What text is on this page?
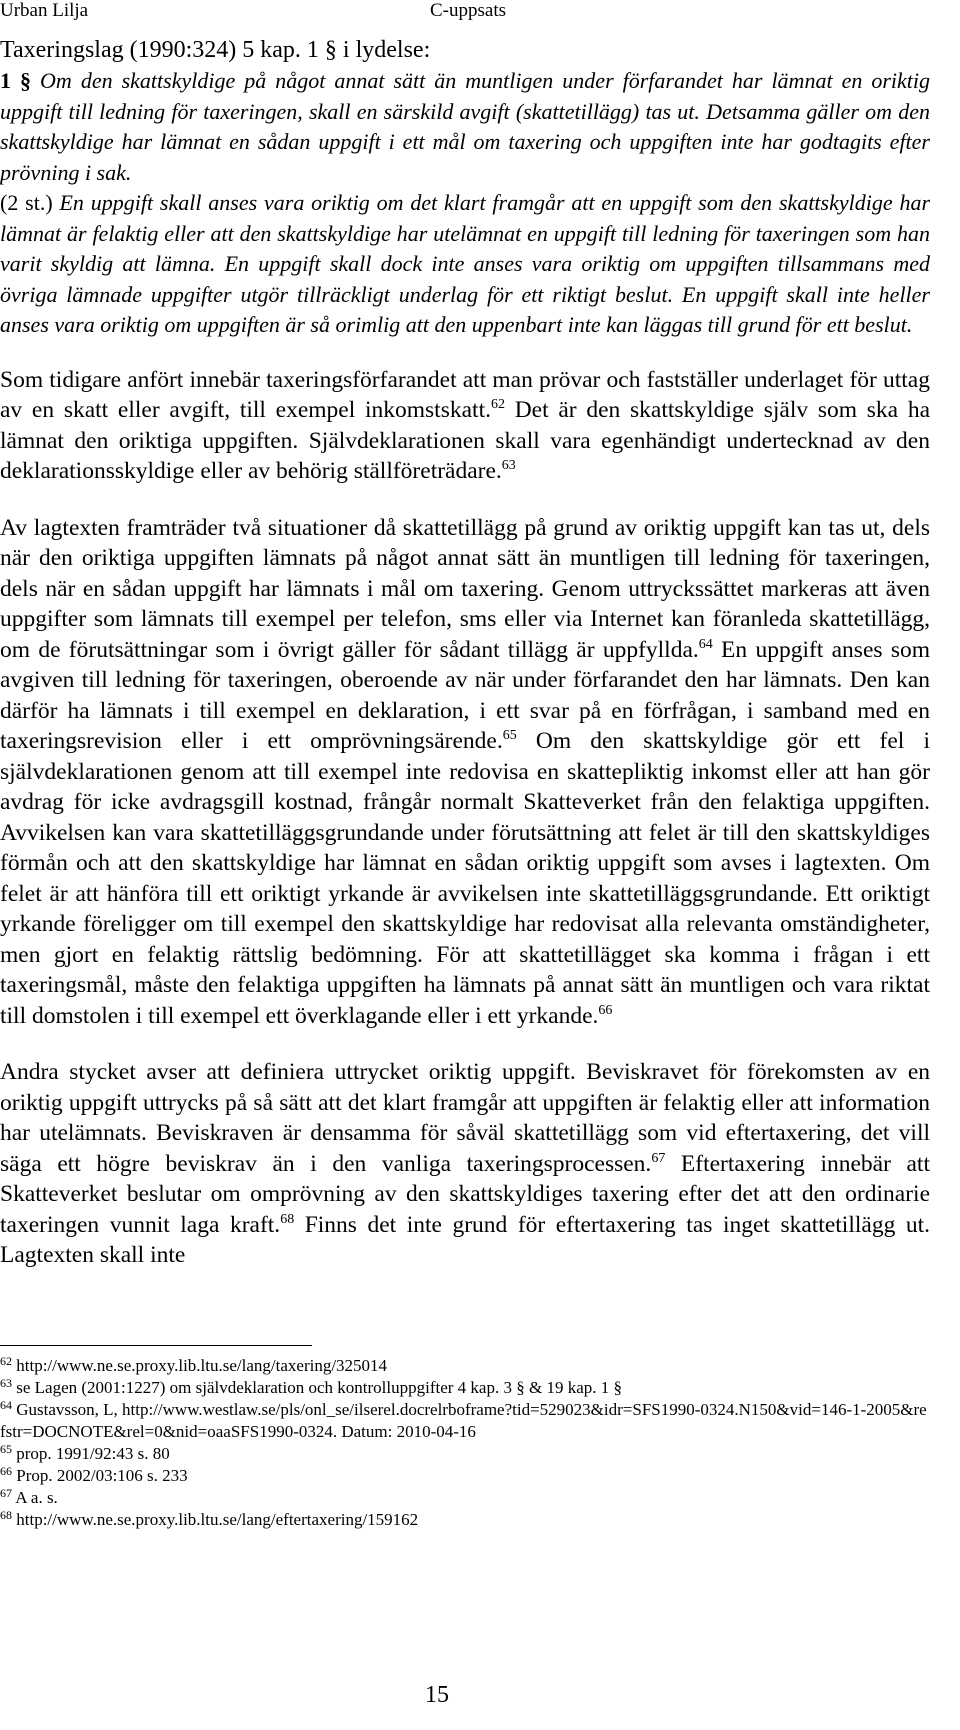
Urban Lilja	C-uppsats

Taxeringslag (1990:324) 5 kap. 1 § i lydelse:

1 § Om den skattskyldige på något annat sätt än muntligen under förfarandet har lämnat en oriktig uppgift till ledning för taxeringen, skall en särskild avgift (skattetillägg) tas ut. Detsamma gäller om den skattskyldige har lämnat en sådan uppgift i ett mål om taxering och uppgiften inte har godtagits efter prövning i sak.

(2 st.) En uppgift skall anses vara oriktig om det klart framgår att en uppgift som den skattskyldige har lämnat är felaktig eller att den skattskyldige har utelämnat en uppgift till ledning för taxeringen som han varit skyldig att lämna. En uppgift skall dock inte anses vara oriktig om uppgiften tillsammans med övriga lämnade uppgifter utgör tillräckligt underlag för ett riktigt beslut. En uppgift skall inte heller anses vara oriktig om uppgiften är så orimlig att den uppenbart inte kan läggas till grund för ett beslut.

Som tidigare anfört innebär taxeringsförfarandet att man prövar och fastställer underlaget för uttag av en skatt eller avgift, till exempel inkomstskatt.$^{62}$ Det är den skattskyldige själv som ska ha lämnat den oriktiga uppgiften. Självdeklarationen skall vara egenhändigt undertecknad av den deklarationsskyldige eller av behörig ställföreträdare.$^{63}$

Av lagtexten framträder två situationer då skattetillägg på grund av oriktig uppgift kan tas ut, dels när den oriktiga uppgiften lämnats på något annat sätt än muntligen till ledning för taxeringen, dels när en sådan uppgift har lämnats i mål om taxering. Genom uttryckssättet markeras att även uppgifter som lämnats till exempel per telefon, sms eller via Internet kan föranleda skattetillägg, om de förutsättningar som i övrigt gäller för sådant tillägg är uppfyllda.$^{64}$ En uppgift anses som avgiven till ledning för taxeringen, oberoende av när under förfarandet den har lämnats. Den kan därför ha lämnats i till exempel en deklaration, i ett svar på en förfrågan, i samband med en taxeringsrevision eller i ett omprövningsärende.$^{65}$ Om den skattskyldige gör ett fel i självdeklarationen genom att till exempel inte redovisa en skattepliktig inkomst eller att han gör avdrag för icke avdragsgill kostnad, frångår normalt Skatteverket från den felaktiga uppgiften. Avvikelsen kan vara skattetilläggsgrundande under förutsättning att felet är till den skattskyldiges förmån och att den skattskyldige har lämnat en sådan oriktig uppgift som avses i lagtexten. Om felet är att hänföra till ett oriktigt yrkande är avvikelsen inte skattetilläggsgrundande. Ett oriktigt yrkande föreligger om till exempel den skattskyldige har redovisat alla relevanta omständigheter, men gjort en felaktig rättslig bedömning. För att skattetillägget ska komma i frågan i ett taxeringsmål, måste den felaktiga uppgiften ha lämnats på annat sätt än muntligen och vara riktat till domstolen i till exempel ett överklagande eller i ett yrkande.$^{66}$

Andra stycket avser att definiera uttrycket oriktig uppgift. Beviskravet för förekomsten av en oriktig uppgift uttrycks på så sätt att det klart framgår att uppgiften är felaktig eller att information har utelämnats. Beviskraven är densamma för såväl skattetillägg som vid eftertaxering, det vill säga ett högre beviskrav än i den vanliga taxeringsprocessen.$^{67}$ Eftertaxering innebär att Skatteverket beslutar om omprövning av den skattskyldiges taxering efter det att den ordinarie taxeringen vunnit laga kraft.$^{68}$ Finns det inte grund för eftertaxering tas inget skattetillägg ut. Lagtexten skall inte

$^{62}$ http://www.ne.se.proxy.lib.ltu.se/lang/taxering/325014
$^{63}$ se Lagen (2001:1227) om självdeklaration och kontrolluppgifter 4 kap. 3 § & 19 kap. 1 §
$^{64}$ Gustavsson, L, http://www.westlaw.se/pls/onl_se/ilserel.docrelrboframe?tid=529023&idr=SFS1990-0324.N150&vid=146-1-2005&refstr=DOCNOTE&rel=0&nid=oaaSFS1990-0324. Datum: 2010-04-16
$^{65}$ prop. 1991/92:43 s. 80
$^{66}$ Prop. 2002/03:106 s. 233
$^{67}$ A a. s.
$^{68}$ http://www.ne.se.proxy.lib.ltu.se/lang/eftertaxering/159162
15
